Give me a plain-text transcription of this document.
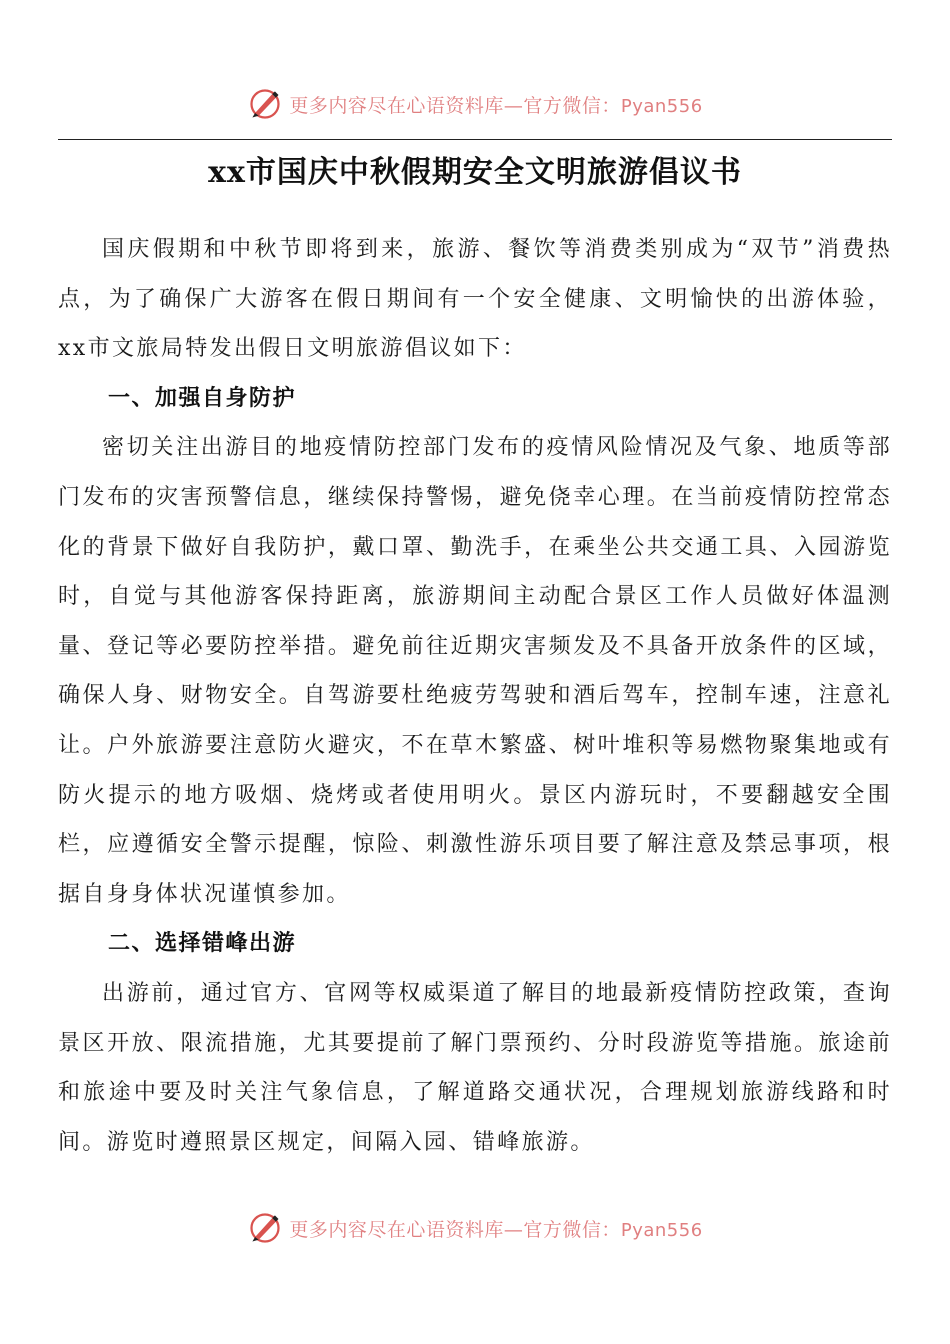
更多内容尽在心语资料库—官方微信：Pyan556
xx市国庆中秋假期安全文明旅游倡议书

国庆假期和中秋节即将到来，旅游、餐饮等消费类别成为“双节”消费热点，为了确保广大游客在假日期间有一个安全健康、文明愉快的出游体验，xx市文旅局特发出假日文明旅游倡议如下：

一、加强自身防护

密切关注出游目的地疫情防控部门发布的疫情风险情况及气象、地质等部门发布的灾害预警信息，继续保持警惕，避免侥幸心理。在当前疫情防控常态化的背景下做好自我防护，戴口罩、勤洗手，在乘坐公共交通工具、入园游览时，自觉与其他游客保持距离，旅游期间主动配合景区工作人员做好体温测量、登记等必要防控举措。避免前往近期灾害频发及不具备开放条件的区域，确保人身、财物安全。自驾游要杜绝疲劳驾驶和酒后驾车，控制车速，注意礼让。户外旅游要注意防火避灾，不在草木繁盛、树叶堆积等易燃物聚集地或有防火提示的地方吸烟、烧烤或者使用明火。景区内游玩时，不要翻越安全围栏，应遵循安全警示提醒，惊险、刺激性游乐项目要了解注意及禁忌事项，根据自身身体状况谨慎参加。

二、选择错峰出游

出游前，通过官方、官网等权威渠道了解目的地最新疫情防控政策，查询景区开放、限流措施，尤其要提前了解门票预约、分时段游览等措施。旅途前和旅途中要及时关注气象信息，了解道路交通状况，合理规划旅游线路和时间。游览时遵照景区规定，间隔入园、错峰旅游。

更多内容尽在心语资料库—官方微信：Pyan556
